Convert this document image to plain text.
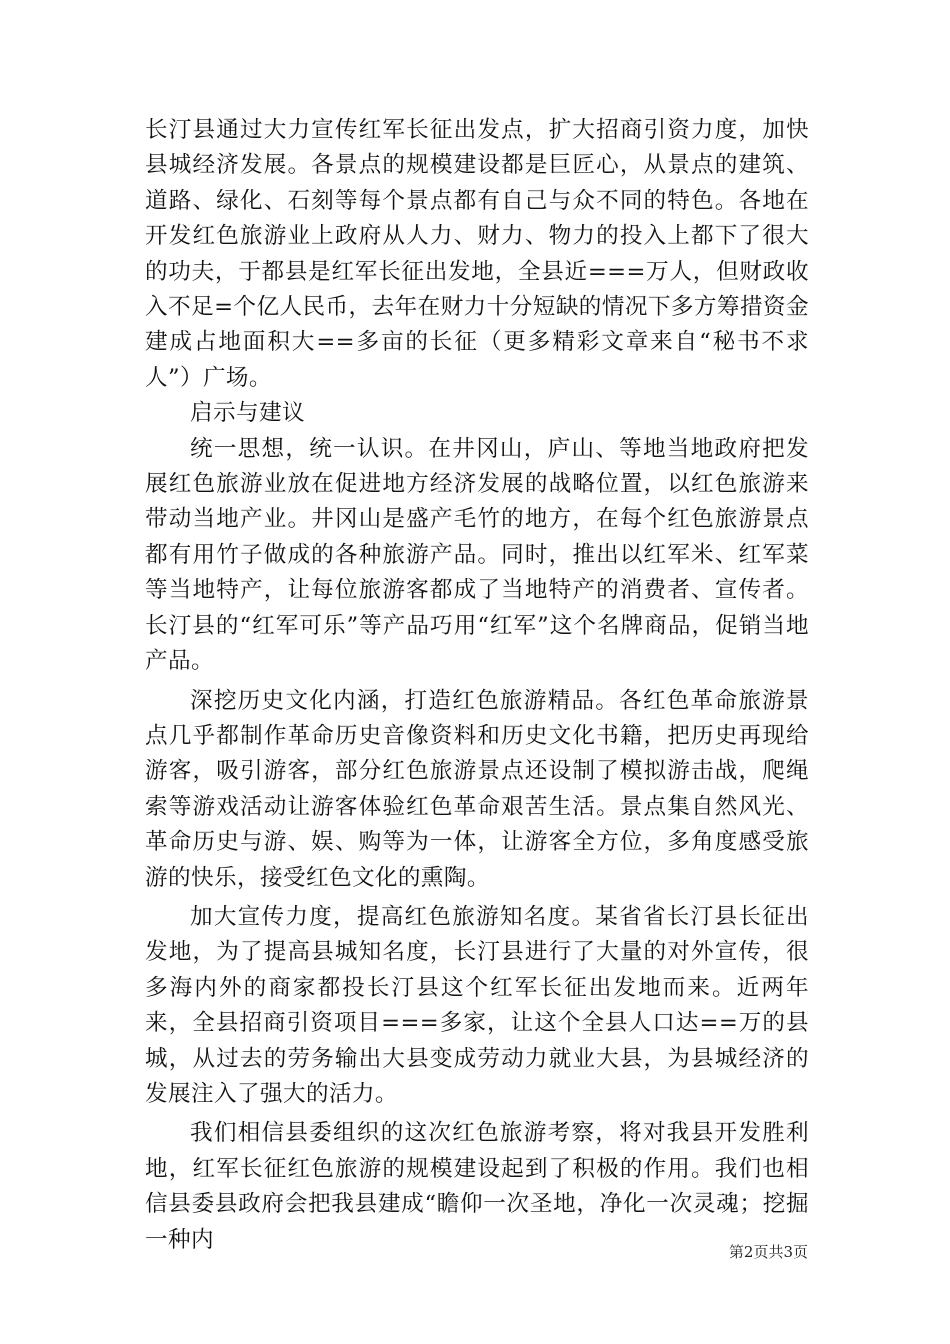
长汀县通过大力宣传红军长征出发点，扩大招商引资力度，加快县城经济发展。各景点的规模建设都是巨匠心，从景点的建筑、道路、绿化、石刻等每个景点都有自己与众不同的特色。各地在开发红色旅游业上政府从人力、财力、物力的投入上都下了很大的功夫，于都县是红军长征出发地，全县近===万人，但财政收入不足=个亿人民币，去年在财力十分短缺的情况下多方筹措资金建成占地面积大==多亩的长征（更多精彩文章来自“秘书不求人”）广场。

启示与建议

统一思想，统一认识。在井冈山，庐山、等地当地政府把发展红色旅游业放在促进地方经济发展的战略位置，以红色旅游来带动当地产业。井冈山是盛产毛竹的地方，在每个红色旅游景点都有用竹子做成的各种旅游产品。同时，推出以红军米、红军菜等当地特产，让每位旅游客都成了当地特产的消费者、宣传者。长汀县的“红军可乐”等产品巧用“红军”这个名牌商品，促销当地产品。

深挖历史文化内涵，打造红色旅游精品。各红色革命旅游景点几乎都制作革命历史音像资料和历史文化书籍，把历史再现给游客，吸引游客，部分红色旅游景点还设制了模拟游击战，爬绳索等游戏活动让游客体验红色革命艰苦生活。景点集自然风光、革命历史与游、娱、购等为一体，让游客全方位，多角度感受旅游的快乐，接受红色文化的熏陶。

加大宣传力度，提高红色旅游知名度。某省省长汀县长征出发地，为了提高县城知名度，长汀县进行了大量的对外宣传，很多海内外的商家都投长汀县这个红军长征出发地而来。近两年来，全县招商引资项目===多家，让这个全县人口达==万的县城，从过去的劳务输出大县变成劳动力就业大县，为县城经济的发展注入了强大的活力。

我们相信县委组织的这次红色旅游考察，将对我县开发胜利地，红军长征红色旅游的规模建设起到了积极的作用。我们也相信县委县政府会把我县建成“瞻仰一次圣地，净化一次灵魂；挖掘一种内	第2页共3页
